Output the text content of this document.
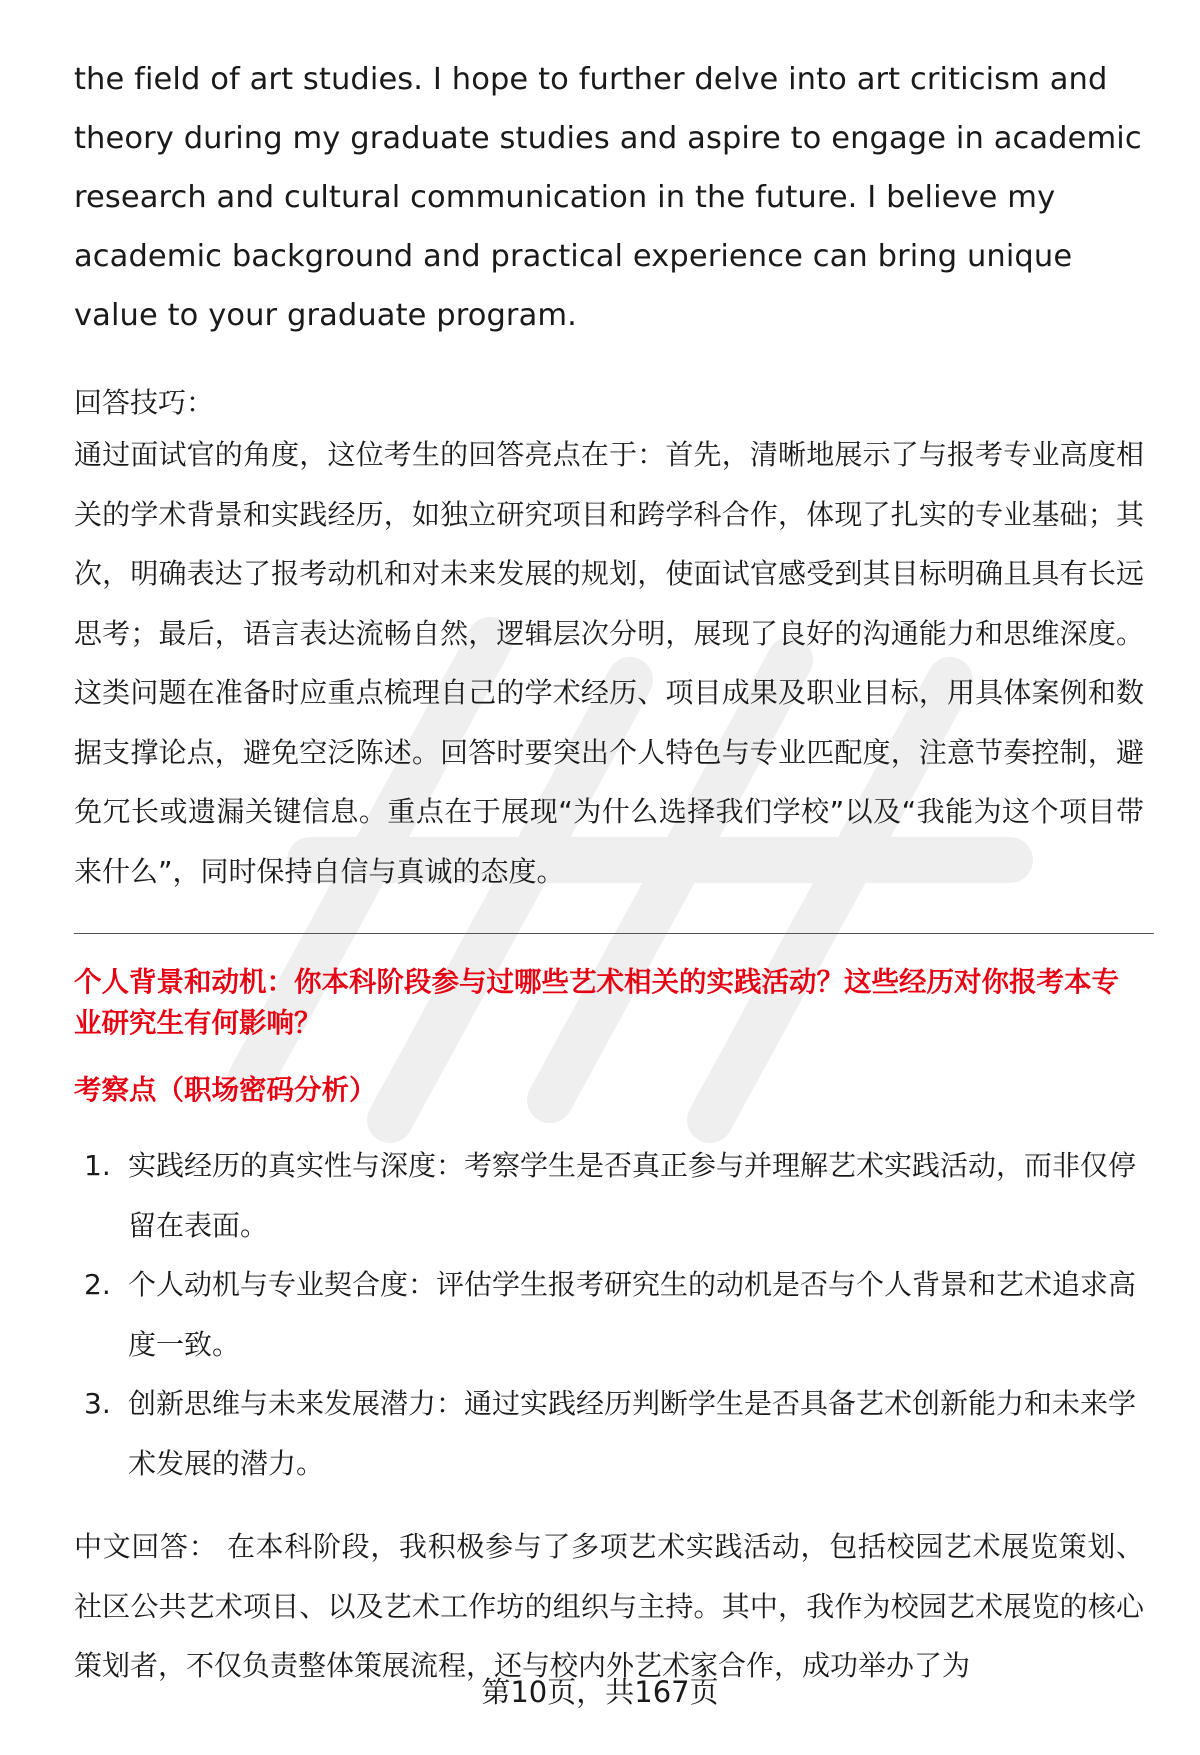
the field of art studies. I hope to further delve into art criticism and theory during my graduate studies and aspire to engage in academic research and cultural communication in the future. I believe my academic background and practical experience can bring unique value to your graduate program.

回答技巧：

通过面试官的角度，这位考生的回答亮点在于：首先，清晰地展示了与报考专业高度相关的学术背景和实践经历，如独立研究项目和跨学科合作，体现了扎实的专业基础；其次，明确表达了报考动机和对未来发展的规划，使面试官感受到其目标明确且具有长远思考；最后，语言表达流畅自然，逻辑层次分明，展现了良好的沟通能力和思维深度。这类问题在准备时应重点梳理自己的学术经历、项目成果及职业目标，用具体案例和数据支撑论点，避免空泛陈述。回答时要突出个人特色与专业匹配度，注意节奏控制，避免冗长或遗漏关键信息。重点在于展现“为什么选择我们学校”以及“我能为这个项目带来什么”，同时保持自信与真诚的态度。

个人背景和动机：你本科阶段参与过哪些艺术相关的实践活动？这些经历对你报考本专业研究生有何影响？

考察点（职场密码分析）

1. 实践经历的真实性与深度：考察学生是否真正参与并理解艺术实践活动，而非仅停留在表面。
2. 个人动机与专业契合度：评估学生报考研究生的动机是否与个人背景和艺术追求高度一致。
3. 创新思维与未来发展潜力：通过实践经历判断学生是否具备艺术创新能力和未来学术发展的潜力。

中文回答： 在本科阶段，我积极参与了多项艺术实践活动，包括校园艺术展览策划、社区公共艺术项目、以及艺术工作坊的组织与主持。其中，我作为校园艺术展览的核心策划者，不仅负责整体策展流程，还与校内外艺术家合作，成功举办了为

第10页，共167页
